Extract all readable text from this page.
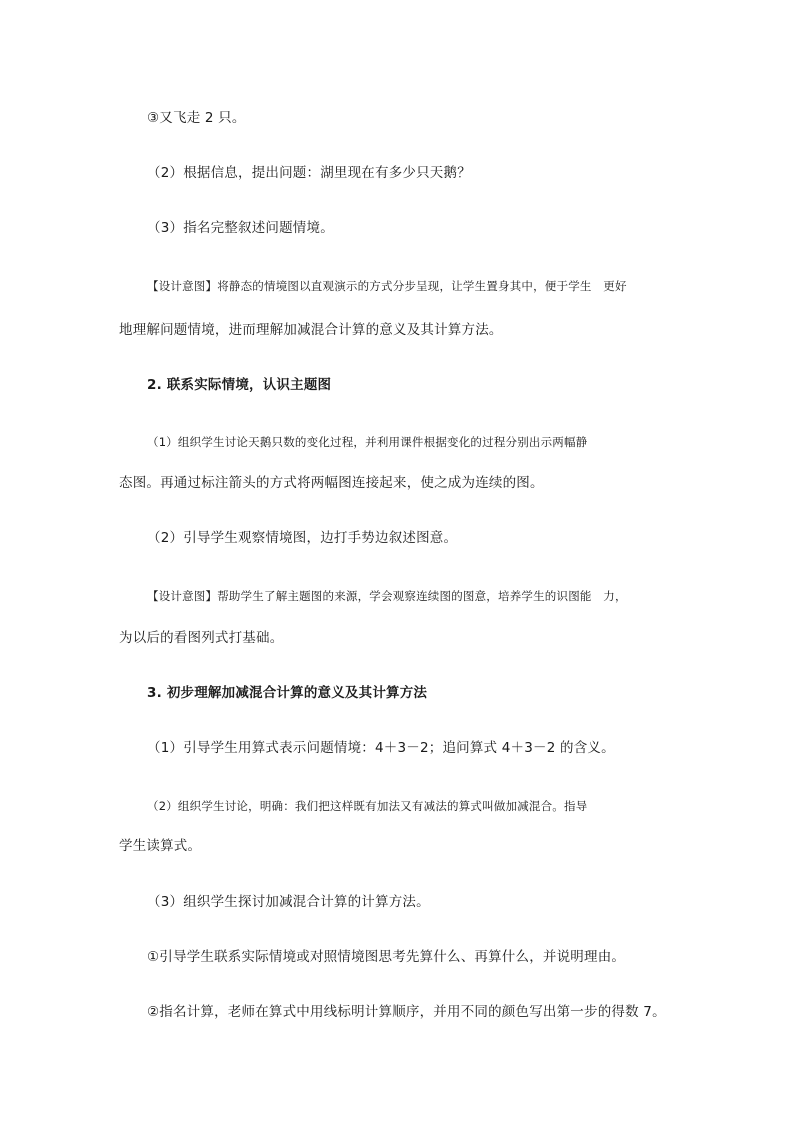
③又飞走 2 只。
（2）根据信息，提出问题：湖里现在有多少只天鹅？
（3）指名完整叙述问题情境。
【设计意图】将静态的情境图以直观演示的方式分步呈现，让学生置身其中，便于学生　更好
地理解问题情境，进而理解加减混合计算的意义及其计算方法。
2. 联系实际情境，认识主题图
（1）组织学生讨论天鹅只数的变化过程，并利用课件根据变化的过程分别出示两幅静
态图。再通过标注箭头的方式将两幅图连接起来，使之成为连续的图。
（2）引导学生观察情境图，边打手势边叙述图意。
【设计意图】帮助学生了解主题图的来源，学会观察连续图的图意，培养学生的识图能　力，
为以后的看图列式打基础。
3. 初步理解加减混合计算的意义及其计算方法
（1）引导学生用算式表示问题情境：4＋3－2；追问算式 4＋3－2 的含义。
（2）组织学生讨论，明确：我们把这样既有加法又有减法的算式叫做加减混合。指导
学生读算式。
（3）组织学生探讨加减混合计算的计算方法。
①引导学生联系实际情境或对照情境图思考先算什么、再算什么，并说明理由。
②指名计算，老师在算式中用线标明计算顺序，并用不同的颜色写出第一步的得数 7。
